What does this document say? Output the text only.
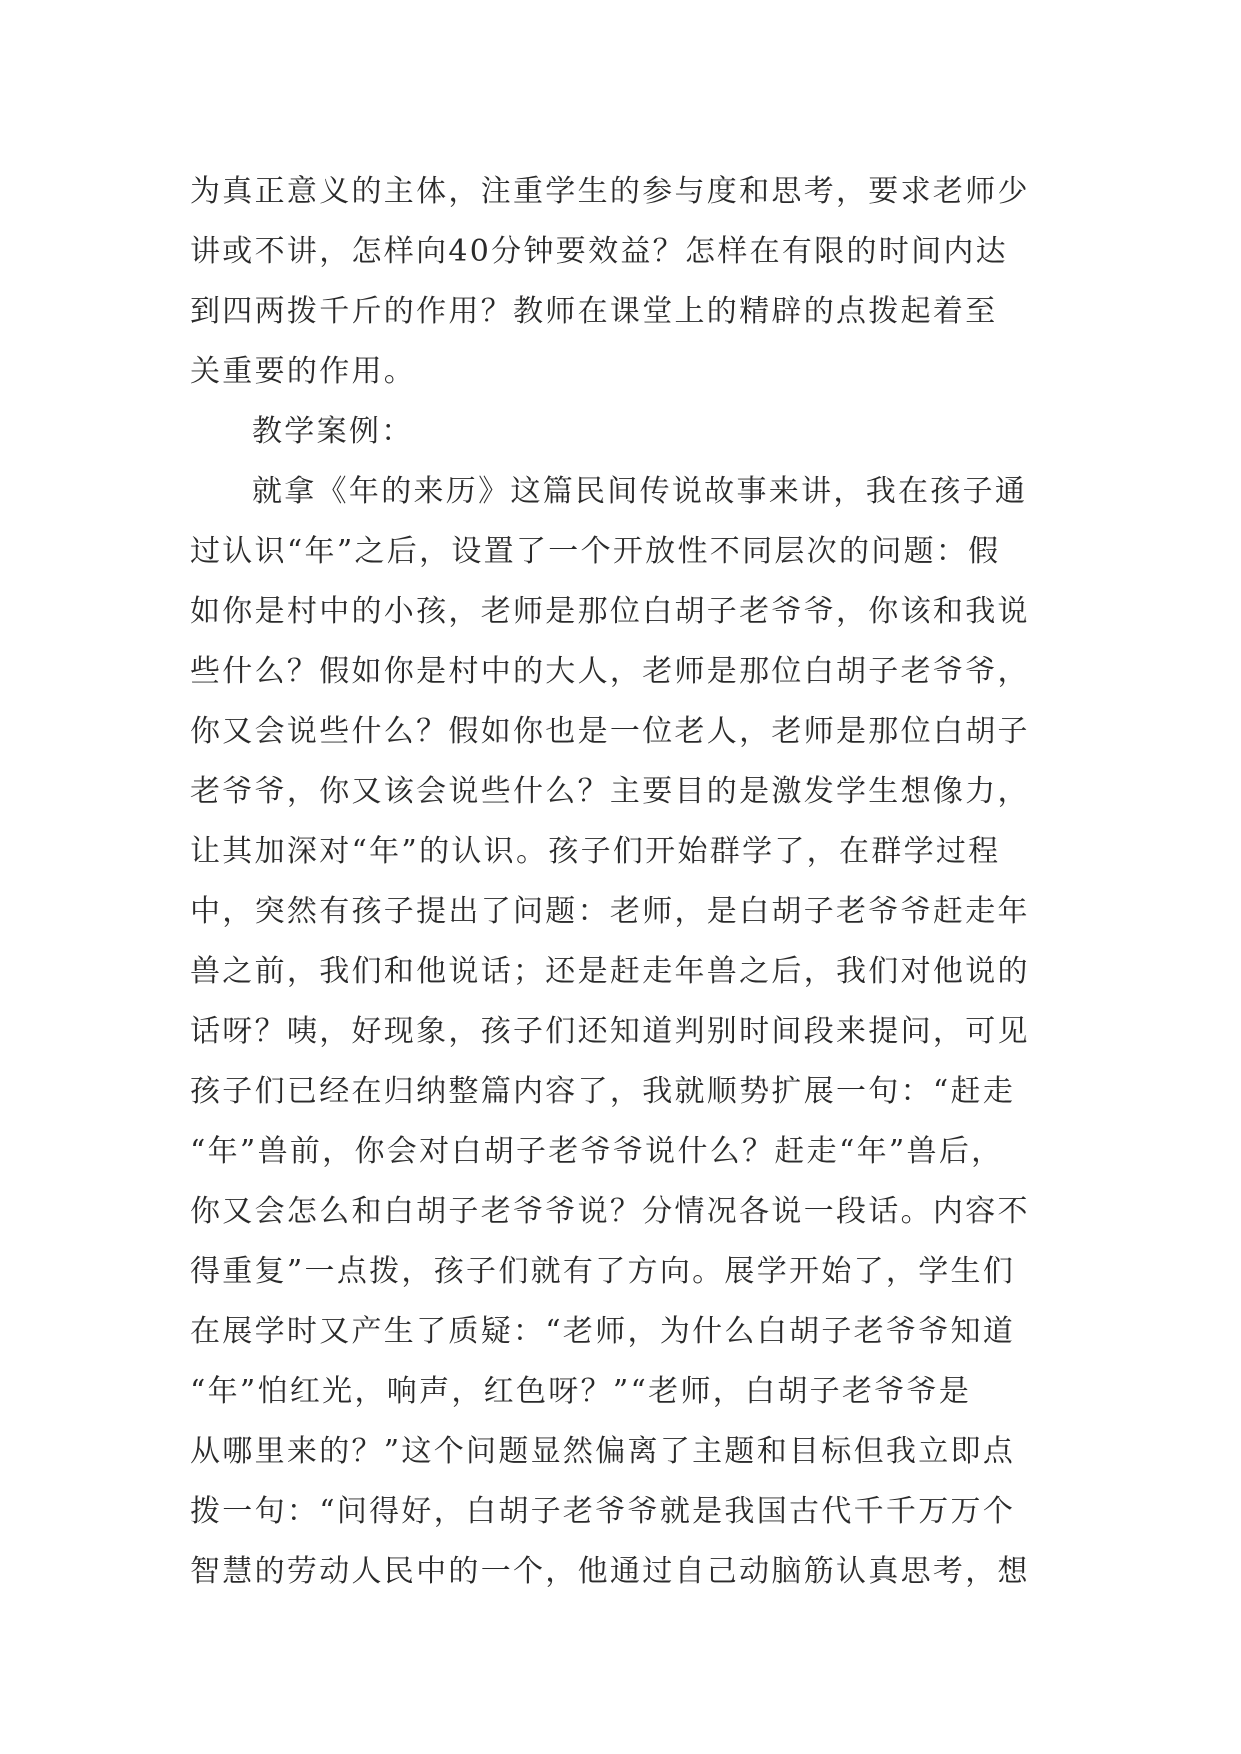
为真正意义的主体，注重学生的参与度和思考，要求老师少
讲或不讲，怎样向40分钟要效益？怎样在有限的时间内达
到四两拨千斤的作用？教师在课堂上的精辟的点拨起着至
关重要的作用。
教学案例：
就拿《年的来历》这篇民间传说故事来讲，我在孩子通
过认识“年”之后，设置了一个开放性不同层次的问题：假
如你是村中的小孩，老师是那位白胡子老爷爷，你该和我说
些什么？假如你是村中的大人，老师是那位白胡子老爷爷，
你又会说些什么？假如你也是一位老人，老师是那位白胡子
老爷爷，你又该会说些什么？主要目的是激发学生想像力，
让其加深对“年”的认识。孩子们开始群学了，在群学过程
中，突然有孩子提出了问题：老师，是白胡子老爷爷赶走年
兽之前，我们和他说话；还是赶走年兽之后，我们对他说的
话呀？咦，好现象，孩子们还知道判别时间段来提问，可见
孩子们已经在归纳整篇内容了，我就顺势扩展一句：“赶走
“年”兽前，你会对白胡子老爷爷说什么？赶走“年”兽后，
你又会怎么和白胡子老爷爷说？分情况各说一段话。内容不
得重复”一点拨，孩子们就有了方向。展学开始了，学生们
在展学时又产生了质疑：“老师，为什么白胡子老爷爷知道
“年”怕红光，响声，红色呀？”“老师，白胡子老爷爷是
从哪里来的？”这个问题显然偏离了主题和目标但我立即点
拨一句：“问得好，白胡子老爷爷就是我国古代千千万万个
智慧的劳动人民中的一个，他通过自己动脑筋认真思考，想
